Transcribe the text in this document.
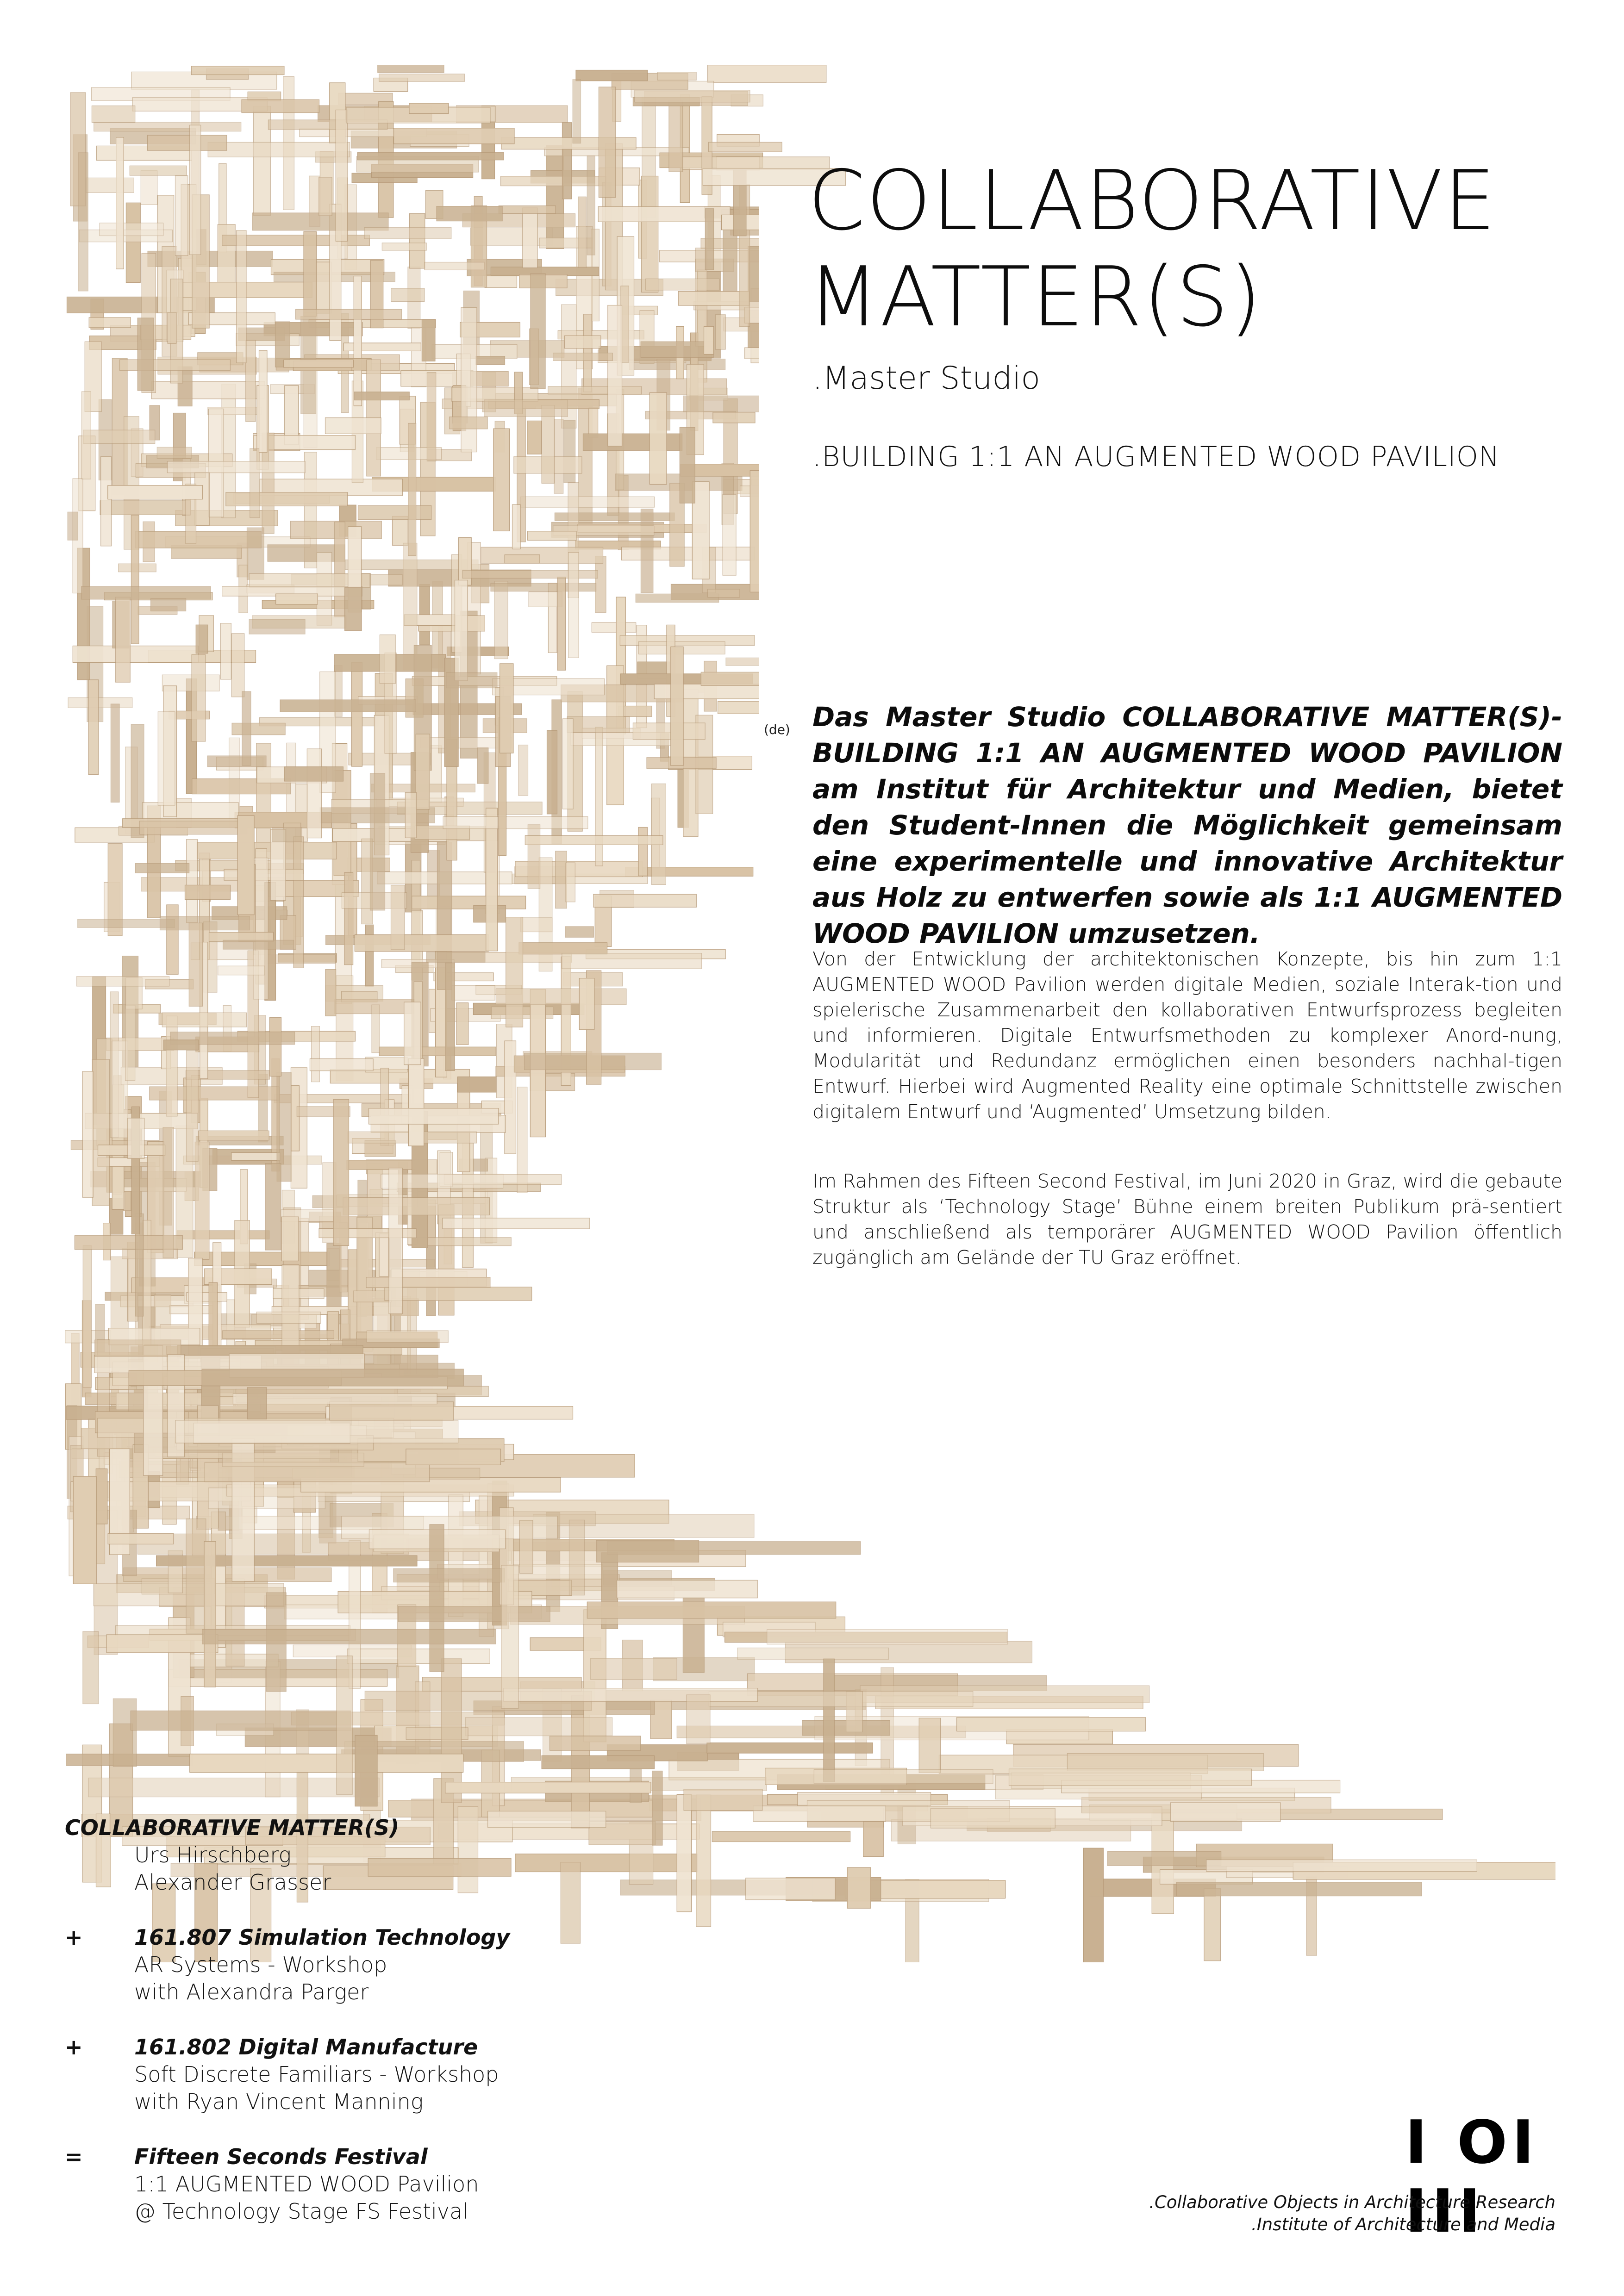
COLLABORATIVE
MATTER(S)
.Master Studio
.BUILDING 1:1 AN AUGMENTED WOOD PAVILION
(de) Das Master Studio COLLABORATIVE MATTER(S)-BUILDING 1:1 AN AUGMENTED WOOD PAVILION am Institut für Architektur und Medien, bietet den Student-Innen die Möglichkeit gemeinsam eine experimentelle und innovative Architektur aus Holz zu entwerfen sowie als 1:1 AUGMENTED WOOD PAVILION umzusetzen.
Von der Entwicklung der architektonischen Konzepte, bis hin zum 1:1 AUGMENTED WOOD Pavilion werden digitale Medien, soziale Interak-tion und spielerische Zusammenarbeit den kollaborativen Entwurfsprozess begleiten und informieren. Digitale Entwurfsmethoden zu komplexer Anord-nung, Modularität und Redundanz ermöglichen einen besonders nachhal-tigen Entwurf. Hierbei wird Augmented Reality eine optimale Schnittstelle zwischen digitalem Entwurf und ‘Augmented’ Umsetzung bilden.
Im Rahmen des Fifteen Second Festival, im Juni 2020 in Graz, wird die gebaute Struktur als ‘Technology Stage’ Bühne einem breiten Publikum prä-sentiert und anschließend als temporärer AUGMENTED WOOD Pavilion öffentlich zugänglich am Gelände der TU Graz eröffnet.
COLLABORATIVE MATTER(S)
Urs Hirschberg
Alexander Grasser
+	161.807 Simulation Technology
AR Systems - Workshop
with Alexandra Parger
+	161.802 Digital Manufacture
Soft Discrete Familiars - Workshop
with Ryan Vincent Manning
=	Fifteen Seconds Festival
1:1 AUGMENTED WOOD Pavilion
@ Technology Stage FS Festival
I OI III
.Collaborative Objects in Architecture Research
.Institute of Architecture and Media
